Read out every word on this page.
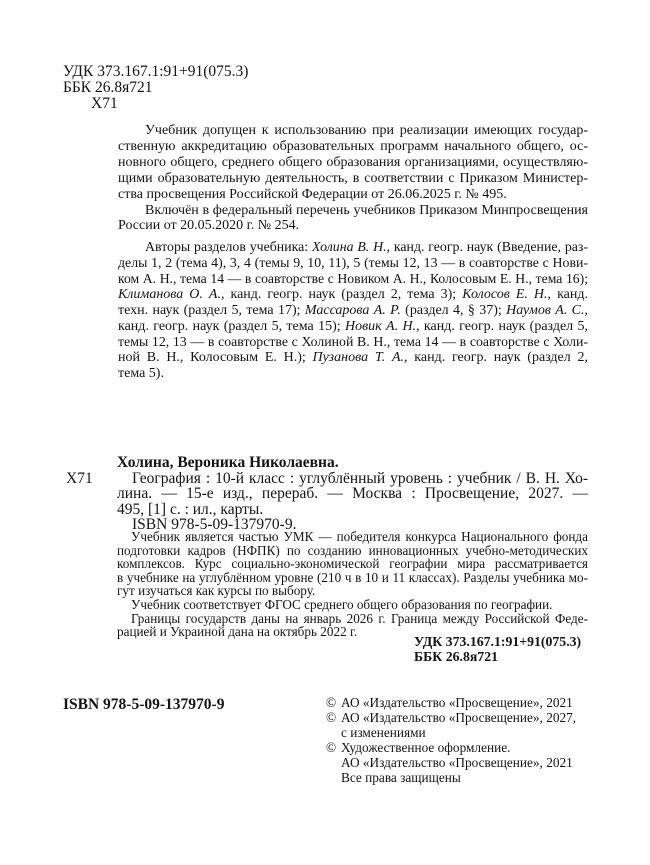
УДК 373.167.1:91+91(075.3)
ББК 26.8я721
Х71
Учебник допущен к использованию при реализации имеющих государ-
ственную аккредитацию образовательных программ начального общего, ос-
новного общего, среднего общего образования организациями, осуществляю-
щими образовательную деятельность, в соответствии с Приказом Министер-
ства просвещения Российской Федерации от 26.06.2025 г. № 495.
Включён в федеральный перечень учебников Приказом Минпросвещения
России от 20.05.2020 г. № 254.
Авторы разделов учебника: Холина В. Н., канд. геогр. наук (Введение, раз-
делы 1, 2 (тема 4), 3, 4 (темы 9, 10, 11), 5 (темы 12, 13 — в соавторстве с Нови-
ком А. Н., тема 14 — в соавторстве с Новиком А. Н., Колосовым Е. Н., тема 16);
Климанова О. А., канд. геогр. наук (раздел 2, тема 3); Колосов Е. Н., канд.
техн. наук (раздел 5, тема 17); Массарова А. Р. (раздел 4, § 37); Наумов А. С.,
канд. геогр. наук (раздел 5, тема 15); Новик А. Н., канд. геогр. наук (раздел 5,
темы 12, 13 — в соавторстве с Холиной В. Н., тема 14 — в соавторстве с Холи-
ной В. Н., Колосовым Е. Н.); Пузанова Т. А., канд. геогр. наук (раздел 2,
тема 5).
Холина, Вероника Николаевна.
Х71	География : 10-й класс : углублённый уровень : учебник / В. Н. Хо-
лина. — 15-е изд., перераб. — Москва : Просвещение, 2027. —
495, [1] с. : ил., карты.
ISBN 978-5-09-137970-9.
Учебник является частью УМК — победителя конкурса Национального фонда
подготовки кадров (НФПК) по созданию инновационных учебно-методических
комплексов. Курс социально-экономической географии мира рассматривается
в учебнике на углублённом уровне (210 ч в 10 и 11 классах). Разделы учебника мо-
гут изучаться как курсы по выбору.
Учебник соответствует ФГОС среднего общего образования по географии.
Границы государств даны на январь 2026 г. Граница между Российской Феде-
рацией и Украиной дана на октябрь 2022 г.
УДК 373.167.1:91+91(075.3)
ББК 26.8я721
ISBN 978-5-09-137970-9	© АО «Издательство «Просвещение», 2021
© АО «Издательство «Просвещение», 2027,
с изменениями
© Художественное оформление.
АО «Издательство «Просвещение», 2021
Все права защищены
